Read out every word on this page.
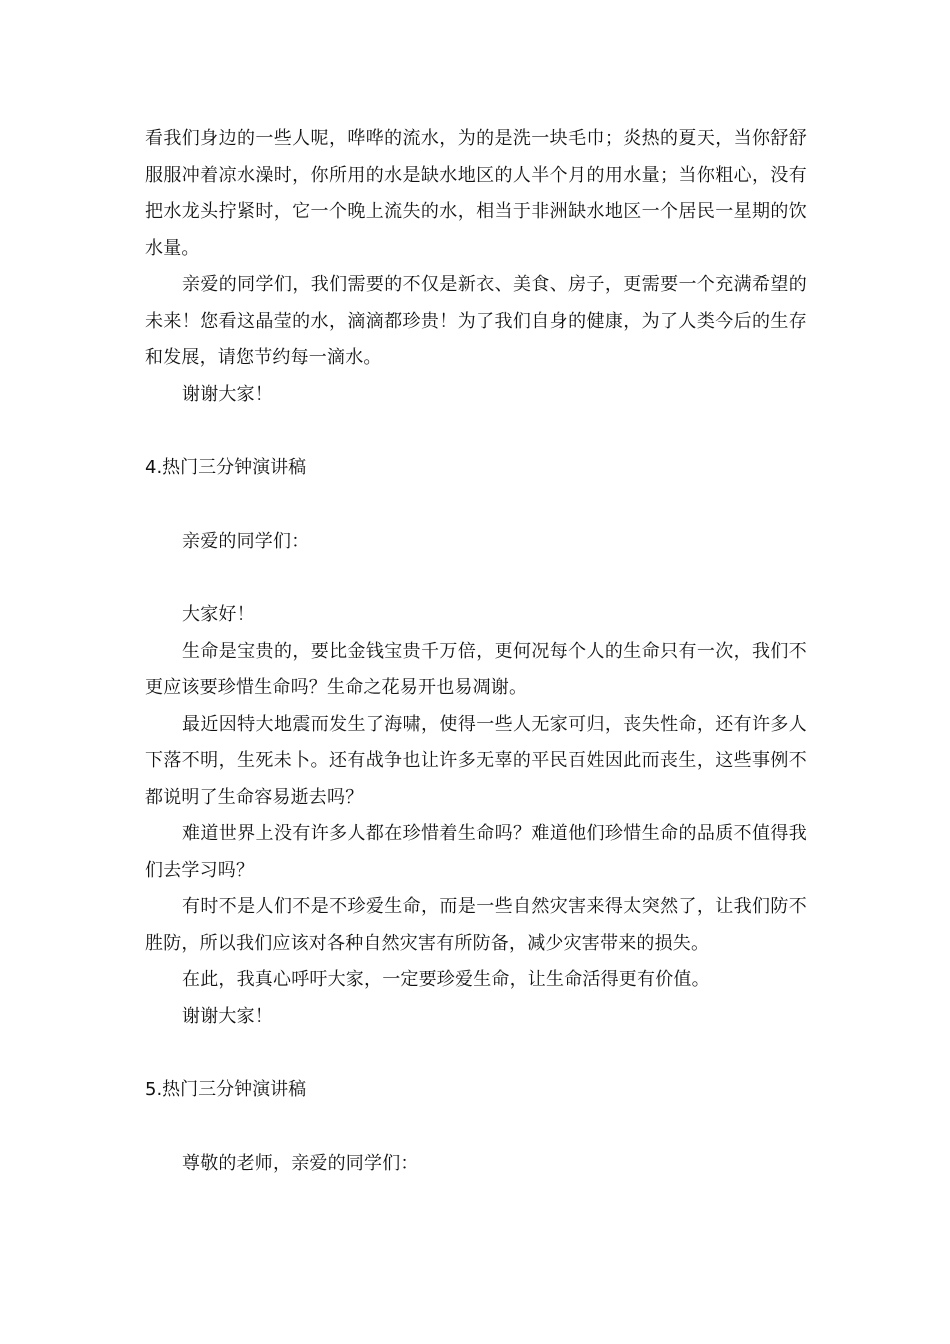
看我们身边的一些人呢，哗哗的流水，为的是洗一块毛巾；炎热的夏天，当你舒舒服服冲着凉水澡时，你所用的水是缺水地区的人半个月的用水量；当你粗心，没有把水龙头拧紧时，它一个晚上流失的水，相当于非洲缺水地区一个居民一星期的饮水量。

亲爱的同学们，我们需要的不仅是新衣、美食、房子，更需要一个充满希望的未来！您看这晶莹的水，滴滴都珍贵！为了我们自身的健康，为了人类今后的生存和发展，请您节约每一滴水。

谢谢大家！

4.热门三分钟演讲稿

亲爱的同学们：

大家好！

生命是宝贵的，要比金钱宝贵千万倍，更何况每个人的生命只有一次，我们不更应该要珍惜生命吗？生命之花易开也易凋谢。

最近因特大地震而发生了海啸，使得一些人无家可归，丧失性命，还有许多人下落不明，生死未卜。还有战争也让许多无辜的平民百姓因此而丧生，这些事例不都说明了生命容易逝去吗？

难道世界上没有许多人都在珍惜着生命吗？难道他们珍惜生命的品质不值得我们去学习吗？

有时不是人们不是不珍爱生命，而是一些自然灾害来得太突然了，让我们防不胜防，所以我们应该对各种自然灾害有所防备，减少灾害带来的损失。

在此，我真心呼吁大家，一定要珍爱生命，让生命活得更有价值。

谢谢大家！

5.热门三分钟演讲稿

尊敬的老师，亲爱的同学们：
